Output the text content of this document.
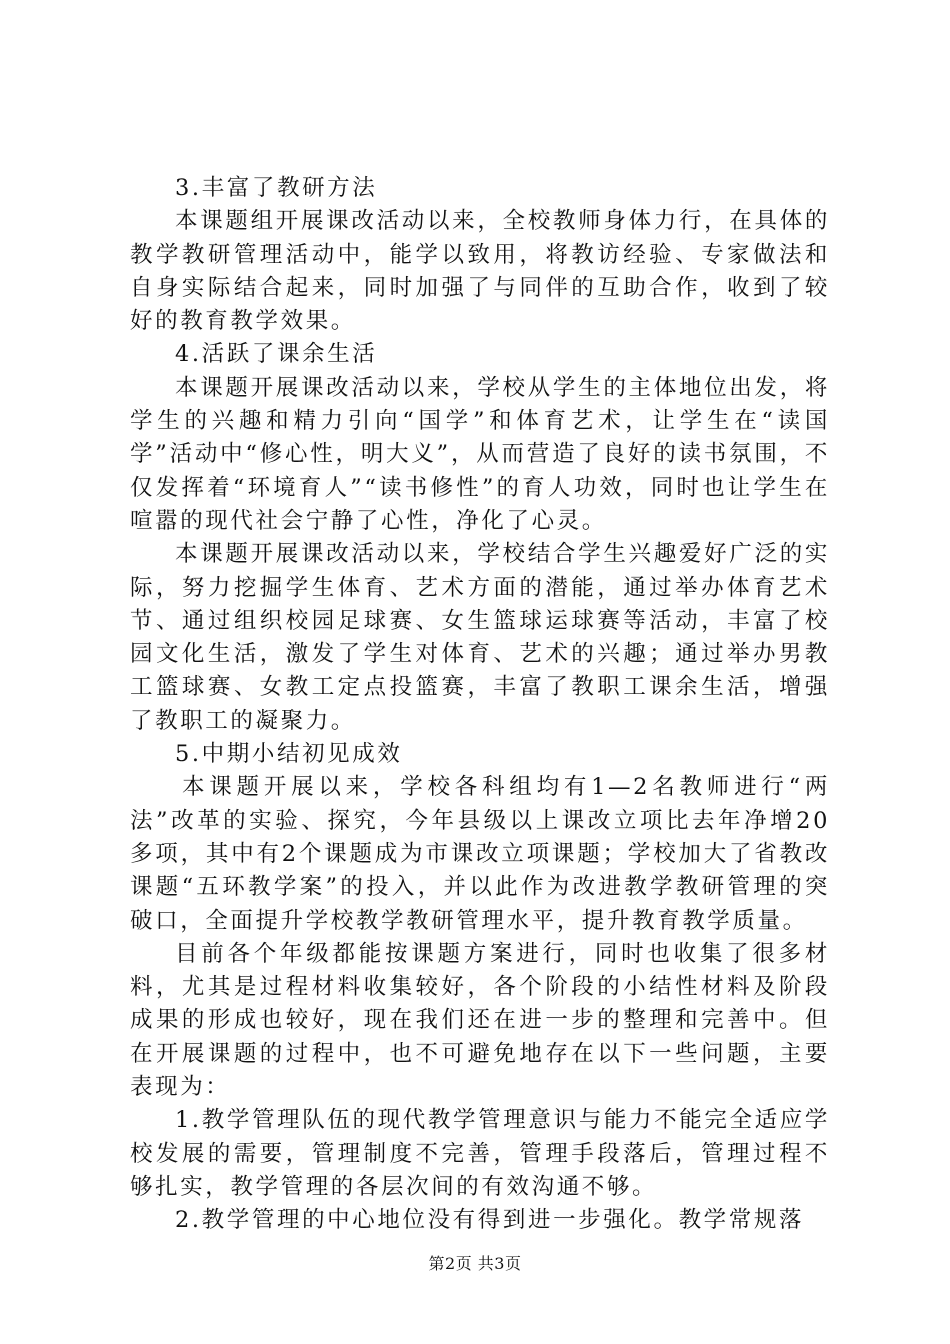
3.丰富了教研方法

本课题组开展课改活动以来，全校教师身体力行，在具体的教学教研管理活动中，能学以致用，将教访经验、专家做法和自身实际结合起来，同时加强了与同伴的互助合作，收到了较好的教育教学效果。

4.活跃了课余生活

本课题开展课改活动以来，学校从学生的主体地位出发，将学生的兴趣和精力引向“国学”和体育艺术，让学生在“读国学”活动中“修心性，明大义”，从而营造了良好的读书氛围，不仅发挥着“环境育人”“读书修性”的育人功效，同时也让学生在喧嚣的现代社会宁静了心性，净化了心灵。

本课题开展课改活动以来，学校结合学生兴趣爱好广泛的实际，努力挖掘学生体育、艺术方面的潜能，通过举办体育艺术节、通过组织校园足球赛、女生篮球运球赛等活动，丰富了校园文化生活，激发了学生对体育、艺术的兴趣；通过举办男教工篮球赛、女教工定点投篮赛，丰富了教职工课余生活，增强了教职工的凝聚力。

5.中期小结初见成效

本课题开展以来，学校各科组均有1—2名教师进行“两法”改革的实验、探究，今年县级以上课改立项比去年净增20多项，其中有2个课题成为市课改立项课题；学校加大了省教改课题“五环教学案”的投入，并以此作为改进教学教研管理的突破口，全面提升学校教学教研管理水平，提升教育教学质量。

目前各个年级都能按课题方案进行，同时也收集了很多材料，尤其是过程材料收集较好，各个阶段的小结性材料及阶段成果的形成也较好，现在我们还在进一步的整理和完善中。但在开展课题的过程中，也不可避免地存在以下一些问题，主要表现为：

1.教学管理队伍的现代教学管理意识与能力不能完全适应学校发展的需要，管理制度不完善，管理手段落后，管理过程不够扎实，教学管理的各层次间的有效沟通不够。

2.教学管理的中心地位没有得到进一步强化。教学常规落

第2页 共3页
